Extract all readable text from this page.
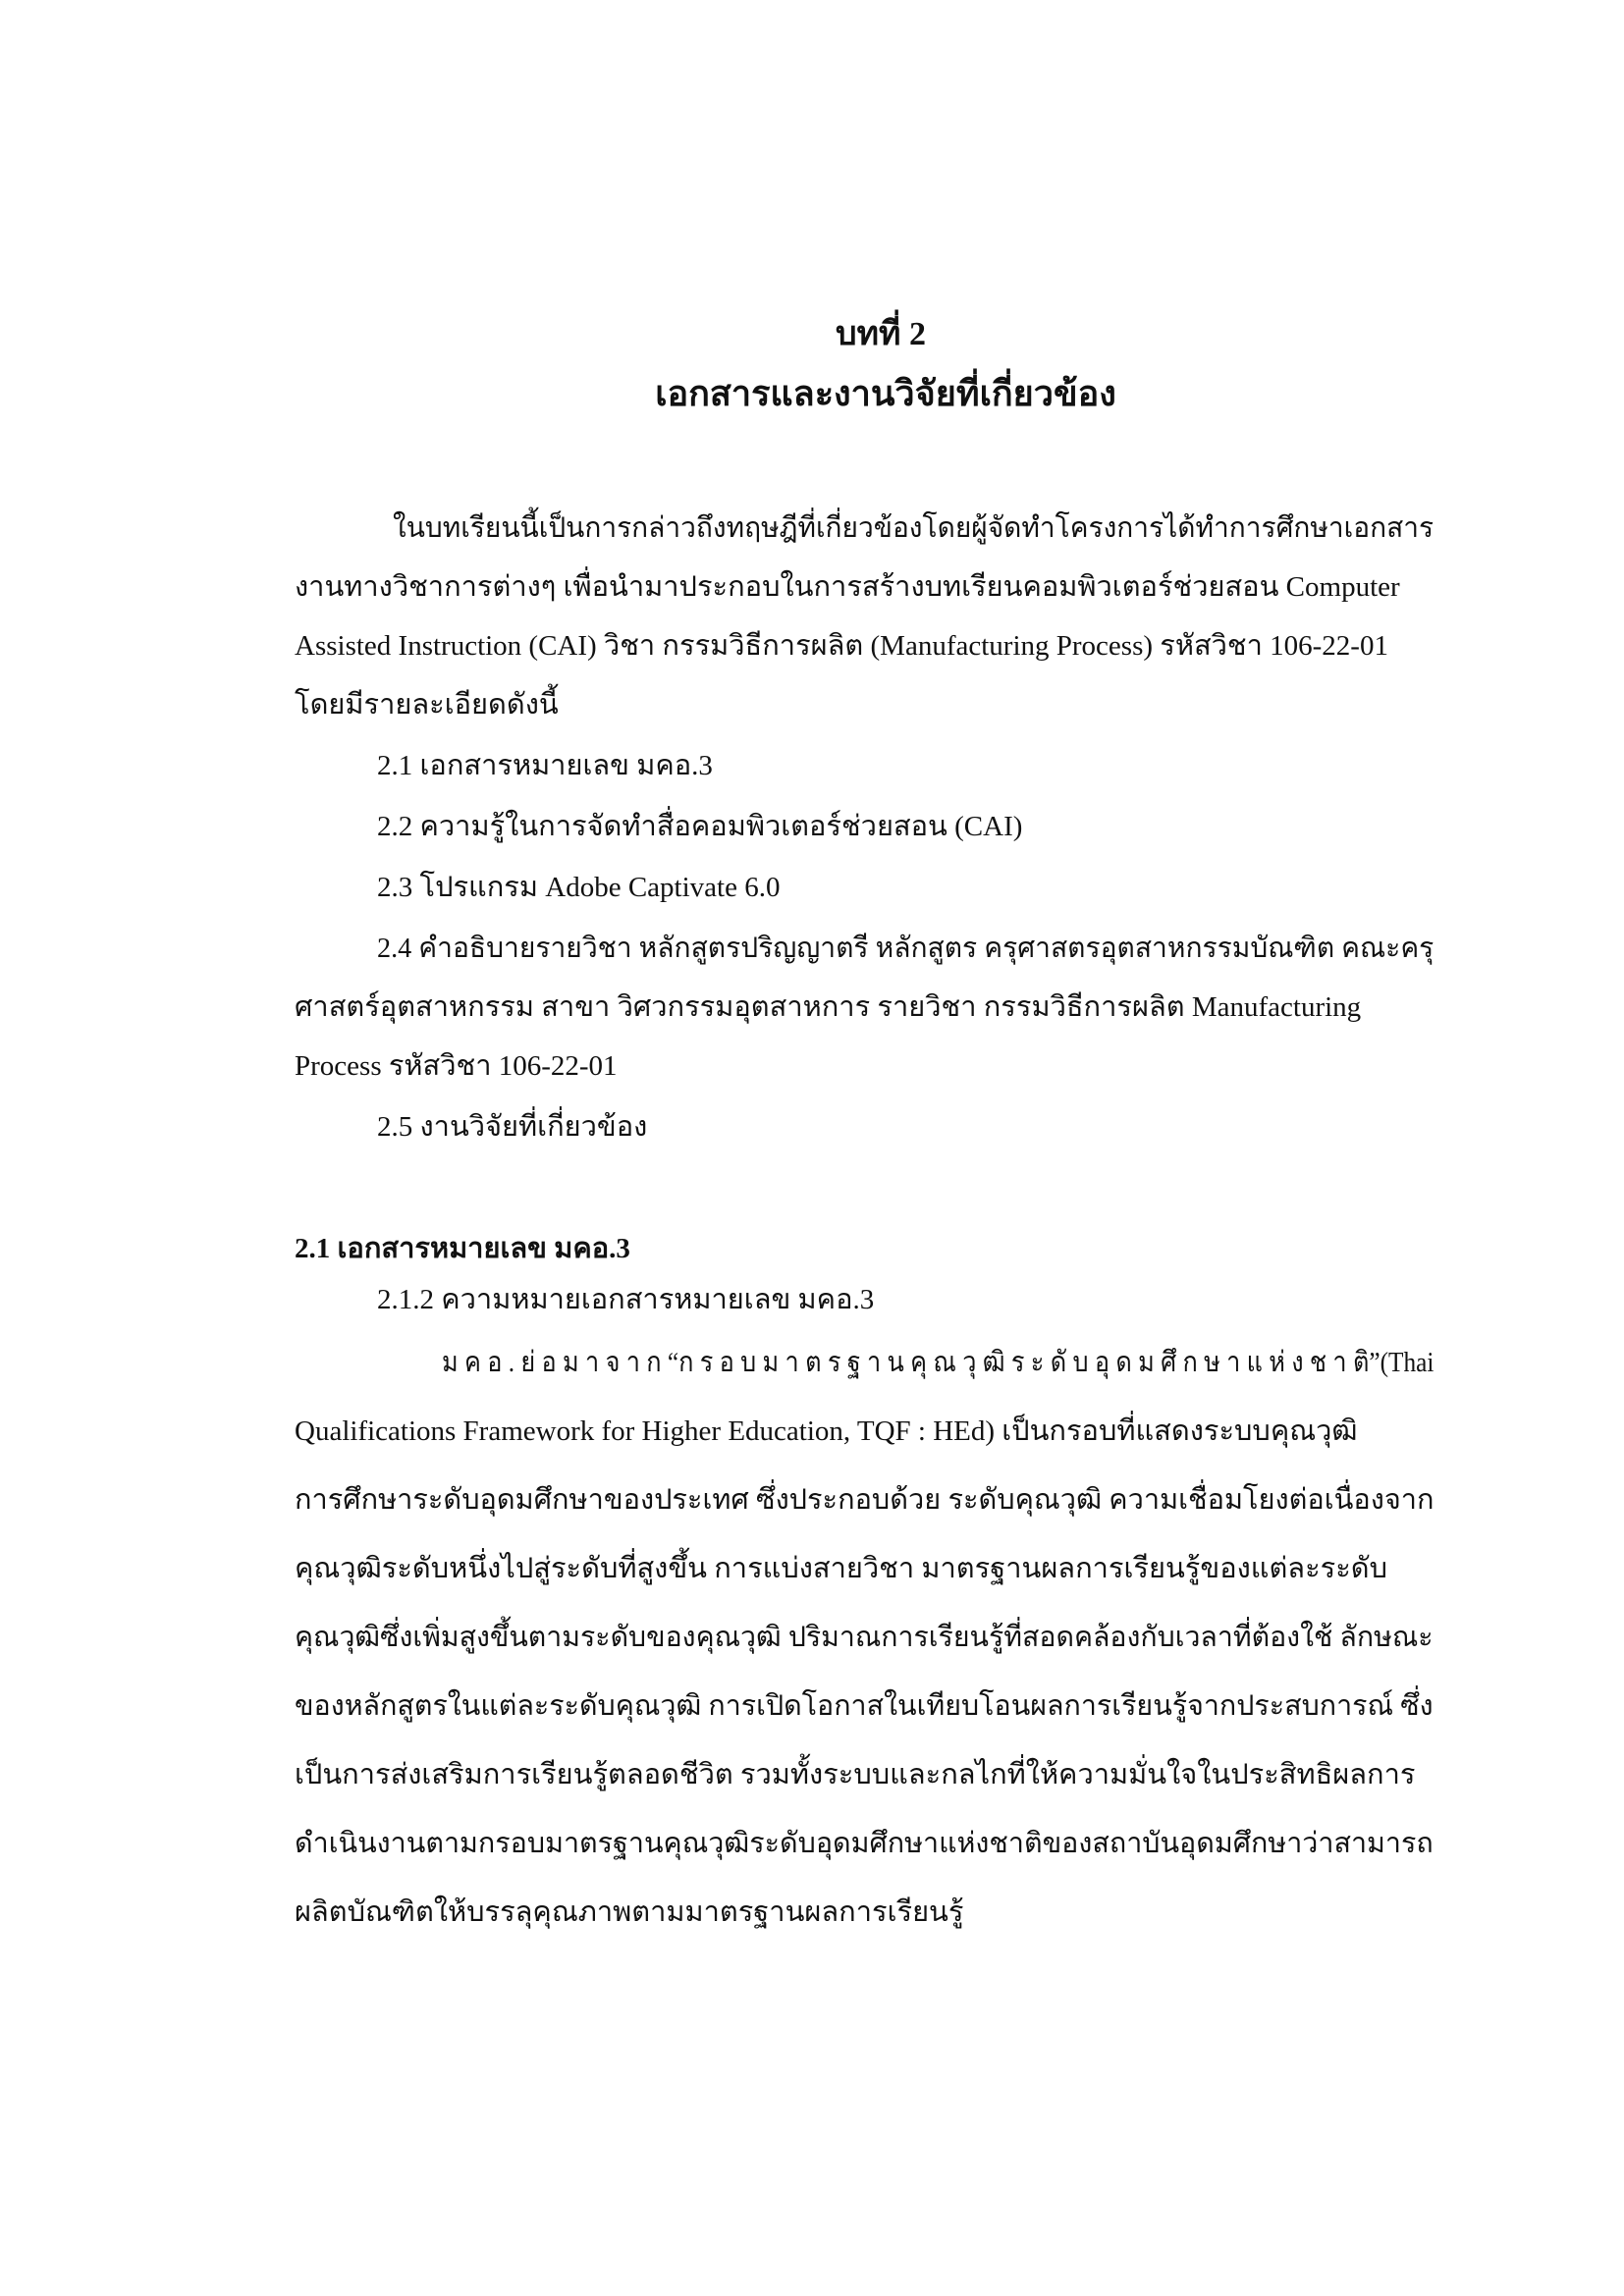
บทที่ 2
เอกสารและงานวิจัยที่เกี่ยวข้อง
ในบทเรียนนี้เป็นการกล่าวถึงทฤษฎีที่เกี่ยวข้องโดยผู้จัดทำโครงการได้ทำการศึกษาเอกสาร
งานทางวิชาการต่างๆ เพื่อนำมาประกอบในการสร้างบทเรียนคอมพิวเตอร์ช่วยสอน Computer
Assisted Instruction (CAI) วิชา กรรมวิธีการผลิต (Manufacturing Process) รหัสวิชา 106-22-01
โดยมีรายละเอียดดังนี้
2.1 เอกสารหมายเลข มคอ.3
2.2 ความรู้ในการจัดทำสื่อคอมพิวเตอร์ช่วยสอน (CAI)
2.3 โปรแกรม Adobe Captivate 6.0
2.4 คำอธิบายรายวิชา หลักสูตรปริญญาตรี หลักสูตร ครุศาสตรอุตสาหกรรมบัณฑิต คณะครุ
ศาสตร์อุตสาหกรรม สาขา วิศวกรรมอุตสาหการ รายวิชา กรรมวิธีการผลิต Manufacturing
Process รหัสวิชา 106-22-01
2.5 งานวิจัยที่เกี่ยวข้อง
2.1 เอกสารหมายเลข มคอ.3
2.1.2 ความหมายเอกสารหมายเลข มคอ.3
ม ค อ . ย่ อ ม า จ า ก “ก ร อ บ ม า ต ร ฐ า น คุ ณ วุ ฒิ ร ะ ดั บ อุ ด ม ศึ ก ษ า แ ห่ ง ช า ติ”(Thai
Qualifications Framework for Higher Education, TQF : HEd) เป็นกรอบที่แสดงระบบคุณวุฒิ
การศึกษาระดับอุดมศึกษาของประเทศ ซึ่งประกอบด้วย ระดับคุณวุฒิ ความเชื่อมโยงต่อเนื่องจาก
คุณวุฒิระดับหนึ่งไปสู่ระดับที่สูงขึ้น การแบ่งสายวิชา มาตรฐานผลการเรียนรู้ของแต่ละระดับ
คุณวุฒิซึ่งเพิ่มสูงขึ้นตามระดับของคุณวุฒิ ปริมาณการเรียนรู้ที่สอดคล้องกับเวลาที่ต้องใช้ ลักษณะ
ของหลักสูตรในแต่ละระดับคุณวุฒิ การเปิดโอกาสในเทียบโอนผลการเรียนรู้จากประสบการณ์ ซึ่ง
เป็นการส่งเสริมการเรียนรู้ตลอดชีวิต รวมทั้งระบบและกลไกที่ให้ความมั่นใจในประสิทธิผลการ
ดำเนินงานตามกรอบมาตรฐานคุณวุฒิระดับอุดมศึกษาแห่งชาติของสถาบันอุดมศึกษาว่าสามารถ
ผลิตบัณฑิตให้บรรลุคุณภาพตามมาตรฐานผลการเรียนรู้
